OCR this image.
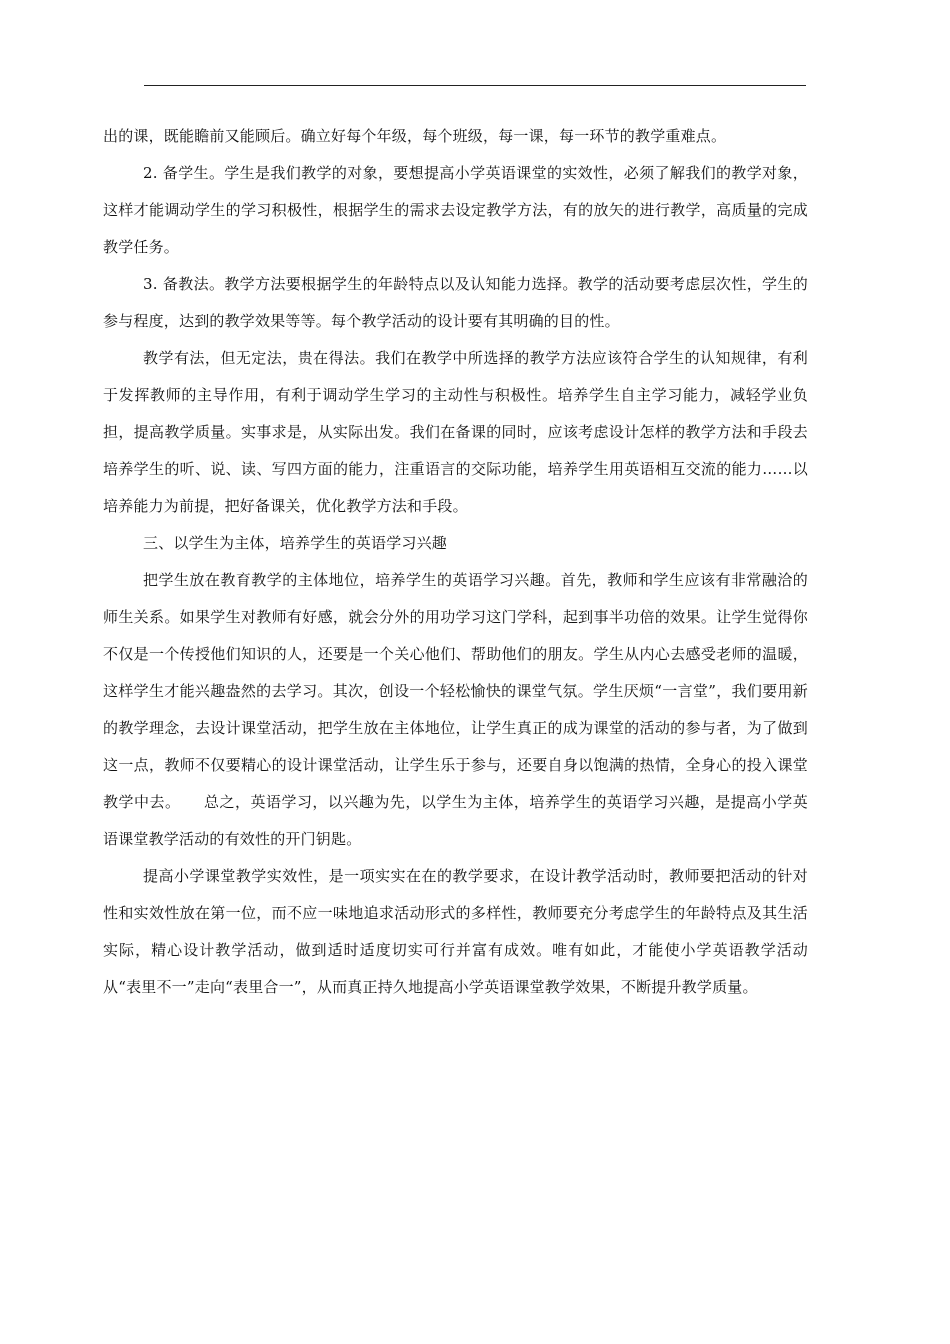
出的课，既能瞻前又能顾后。确立好每个年级，每个班级，每一课，每一环节的教学重难点。

2. 备学生。学生是我们教学的对象，要想提高小学英语课堂的实效性，必须了解我们的教学对象，这样才能调动学生的学习积极性，根据学生的需求去设定教学方法，有的放矢的进行教学，高质量的完成教学任务。

3. 备教法。教学方法要根据学生的年龄特点以及认知能力选择。教学的活动要考虑层次性，学生的参与程度，达到的教学效果等等。每个教学活动的设计要有其明确的目的性。

教学有法，但无定法，贵在得法。我们在教学中所选择的教学方法应该符合学生的认知规律，有利于发挥教师的主导作用，有利于调动学生学习的主动性与积极性。培养学生自主学习能力，减轻学业负担，提高教学质量。实事求是，从实际出发。我们在备课的同时，应该考虑设计怎样的教学方法和手段去培养学生的听、说、读、写四方面的能力，注重语言的交际功能，培养学生用英语相互交流的能力……以培养能力为前提，把好备课关，优化教学方法和手段。

三、以学生为主体，培养学生的英语学习兴趣

把学生放在教育教学的主体地位，培养学生的英语学习兴趣。首先，教师和学生应该有非常融洽的师生关系。如果学生对教师有好感，就会分外的用功学习这门学科，起到事半功倍的效果。让学生觉得你不仅是一个传授他们知识的人，还要是一个关心他们、帮助他们的朋友。学生从内心去感受老师的温暖，这样学生才能兴趣盎然的去学习。其次，创设一个轻松愉快的课堂气氛。学生厌烦“一言堂”，我们要用新的教学理念，去设计课堂活动，把学生放在主体地位，让学生真正的成为课堂的活动的参与者，为了做到这一点，教师不仅要精心的设计课堂活动，让学生乐于参与，还要自身以饱满的热情，全身心的投入课堂教学中去。　　总之，英语学习，以兴趣为先，以学生为主体，培养学生的英语学习兴趣，是提高小学英语课堂教学活动的有效性的开门钥匙。

提高小学课堂教学实效性，是一项实实在在的教学要求，在设计教学活动时，教师要把活动的针对性和实效性放在第一位，而不应一味地追求活动形式的多样性，教师要充分考虑学生的年龄特点及其生活实际，精心设计教学活动，做到适时适度切实可行并富有成效。唯有如此，才能使小学英语教学活动从“表里不一”走向“表里合一”，从而真正持久地提高小学英语课堂教学效果，不断提升教学质量。
